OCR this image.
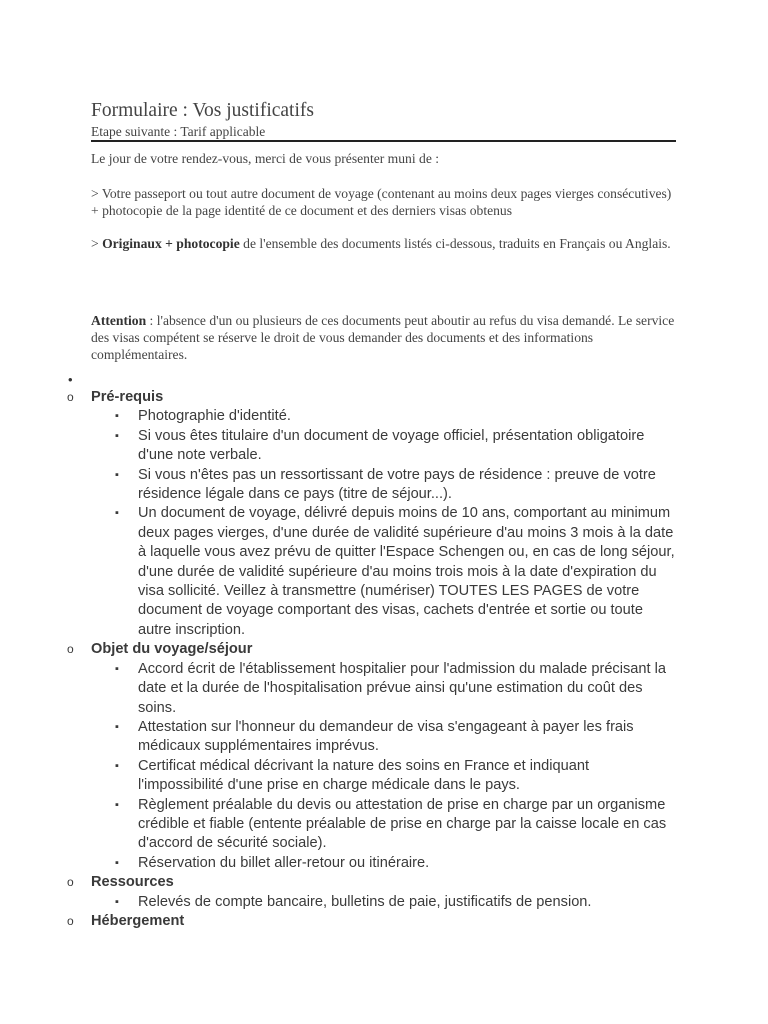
Formulaire : Vos justificatifs
Etape suivante : Tarif applicable
Le jour de votre rendez-vous, merci de vous présenter muni de :
> Votre passeport ou tout autre document de voyage (contenant au moins deux pages vierges consécutives) + photocopie de la page identité de ce document et des derniers visas obtenus
> Originaux + photocopie de l'ensemble des documents listés ci-dessous, traduits en Français ou Anglais.
Attention : l'absence d'un ou plusieurs de ces documents peut aboutir au refus du visa demandé. Le service des visas compétent se réserve le droit de vous demander des documents et des informations complémentaires.
•
o Pré-requis
▪ Photographie d'identité.
▪ Si vous êtes titulaire d'un document de voyage officiel, présentation obligatoire d'une note verbale.
▪ Si vous n'êtes pas un ressortissant de votre pays de résidence : preuve de votre résidence légale dans ce pays (titre de séjour...).
▪ Un document de voyage, délivré depuis moins de 10 ans, comportant au minimum deux pages vierges, d'une durée de validité supérieure d'au moins 3 mois à la date à laquelle vous avez prévu de quitter l'Espace Schengen ou, en cas de long séjour, d'une durée de validité supérieure d'au moins trois mois à la date d'expiration du visa sollicité. Veillez à transmettre (numériser) TOUTES LES PAGES de votre document de voyage comportant des visas, cachets d'entrée et sortie ou toute autre inscription.
o Objet du voyage/séjour
▪ Accord écrit de l'établissement hospitalier pour l'admission du malade précisant la date et la durée de l'hospitalisation prévue ainsi qu'une estimation du coût des soins.
▪ Attestation sur l'honneur du demandeur de visa s'engageant à payer les frais médicaux supplémentaires imprévus.
▪ Certificat médical décrivant la nature des soins en France et indiquant l'impossibilité d'une prise en charge médicale dans le pays.
▪ Règlement préalable du devis ou attestation de prise en charge par un organisme crédible et fiable (entente préalable de prise en charge par la caisse locale en cas d'accord de sécurité sociale).
▪ Réservation du billet aller-retour ou itinéraire.
o Ressources
▪ Relevés de compte bancaire, bulletins de paie, justificatifs de pension.
o Hébergement
